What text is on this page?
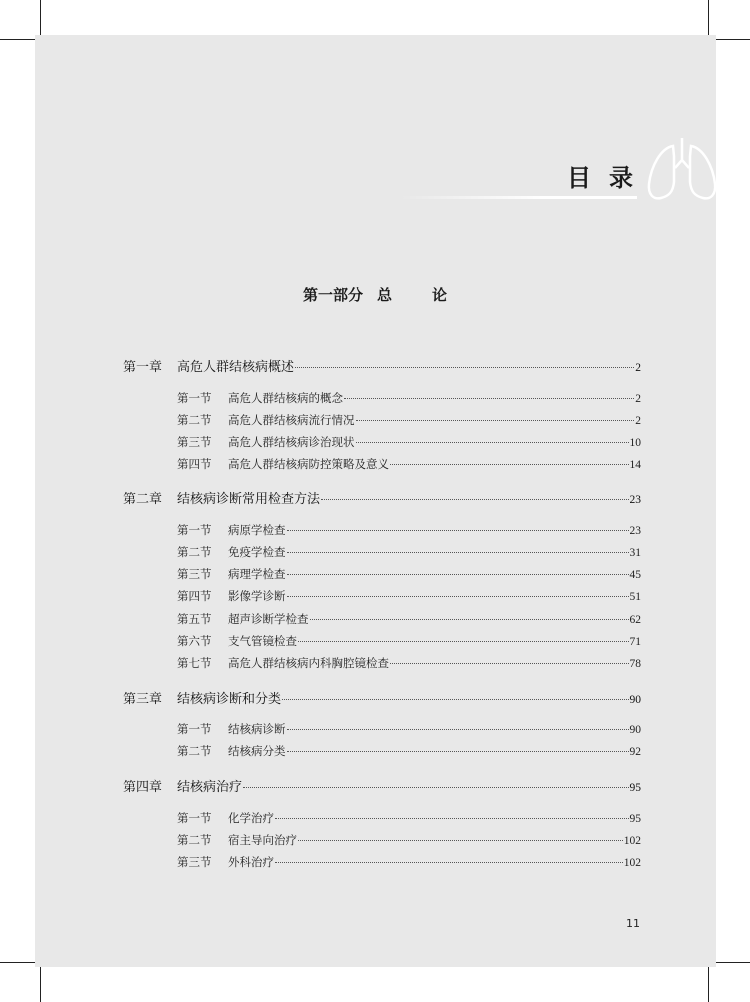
目录
第一部分 总	论
第一章	高危人群结核病概述	2
第一节	高危人群结核病的概念	2
第二节	高危人群结核病流行情况	2
第三节	高危人群结核病诊治现状	10
第四节	高危人群结核病防控策略及意义	14
第二章	结核病诊断常用检查方法	23
第一节	病原学检查	23
第二节	免疫学检查	31
第三节	病理学检查	45
第四节	影像学诊断	51
第五节	超声诊断学检查	62
第六节	支气管镜检查	71
第七节	高危人群结核病内科胸腔镜检查	78
第三章	结核病诊断和分类	90
第一节	结核病诊断	90
第二节	结核病分类	92
第四章	结核病治疗	95
第一节	化学治疗	95
第二节	宿主导向治疗	102
第三节	外科治疗	102
11
